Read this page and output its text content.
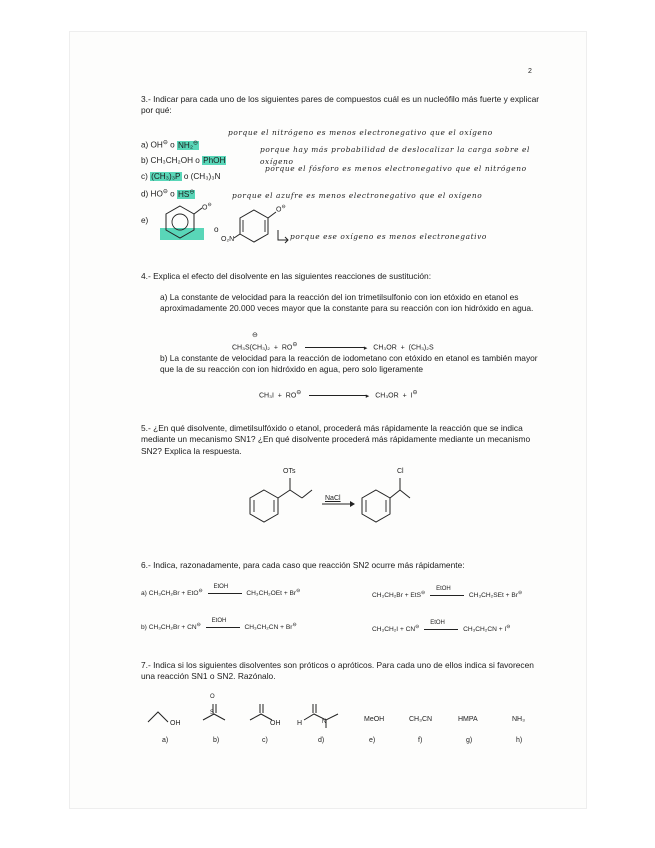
2
3.- Indicar para cada uno de los siguientes pares de compuestos cuál es un nucleófilo más fuerte y explicar por qué:
a) OH⊖ o NH₂⊖
porque el nitrógeno es menos electronegativo que el oxígeno
b) CH₃CH₂OH o PhOH
porque hay más probabilidad de deslocalizar la carga sobre el oxígeno
c) (CH₃)₃P o (CH₃)₃N
porque el fósforo es menos electronegativo que el nitrógeno
d) HO⊖ o HS⊖	porque el azufre es menos electronegativo que el oxígeno
e)
O⊖
o
O⊖
O₂N	porque ese oxígeno es menos electronegativo
4.- Explica el efecto del disolvente en las siguientes reacciones de sustitución:
a) La constante de velocidad para la reacción del ion trimetilsulfonio con ion etóxido en etanol es aproximadamente 20.000 veces mayor que la constante para su reacción con ion hidróxido en agua.
CH₃S(CH₃)₂ + RO⊖	▸ CH₃OR + (CH₃)₂S
⊖
b) La constante de velocidad para la reacción de iodometano con etóxido en etanol es también mayor que la de su reacción con ion hidróxido en agua, pero solo ligeramente
CH₃I + RO⊖	▸ CH₃OR + I⊖
5.- ¿En qué disolvente, dimetilsulfóxido o etanol, procederá más rápidamente la reacción que se indica mediante un mecanismo SN1? ¿En qué disolvente procederá más rápidamente mediante un mecanismo SN2? Explica la respuesta.
OTs
NaCl
Cl
6.- Indica, razonadamente, para cada caso que reacción SN2 ocurre más rápidamente:
a) CH₃CH₂Br + EtO⊖
EtOH
CH₃CH₂OEt + Br⊖
CH₃CH₂Br + EtS⊖
EtOH
CH₃CH₂SEt + Br⊖
b) CH₃CH₂Br + CN⊖
EtOH
CH₃CH₂CN + Br⊖
CH₃CH₂I + CN⊖
EtOH
CH₃CH₂CN + I⊖
7.- Indica si los siguientes disolventes son próticos o apróticos. Para cada uno de ellos indica si favorecen una reacción SN1 o SN2. Razónalo.
OH
a)
S
O
b)
OH
c)
H	N
d)
MeOH
e)
CH₃CN
f)
HMPA
g)
NH₃
h)
